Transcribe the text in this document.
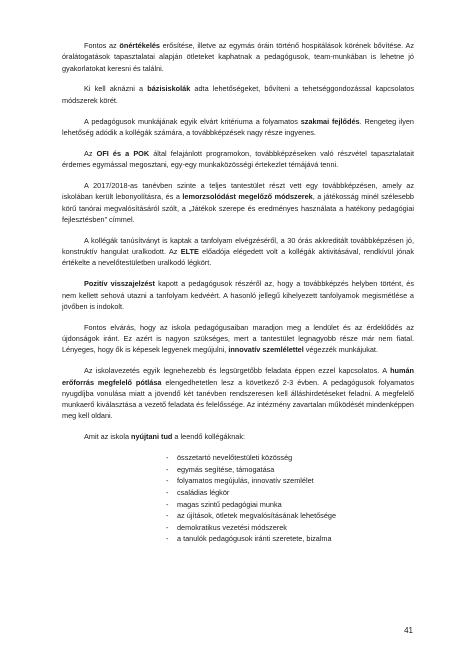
Fontos az önértékelés erősítése, illetve az egymás óráin történő hospitálások körének bővítése. Az óralátogatások tapasztalatai alapján ötleteket kaphatnak a pedagógusok, team-munkában is lehetne jó gyakorlatokat keresni és találni.

Ki kell aknázni a bázisiskolák adta lehetőségeket, bővíteni a tehetséggondozással kapcsolatos módszerek körét.

A pedagógusok munkájának egyik elvárt kritériuma a folyamatos szakmai fejlődés. Rengeteg ilyen lehetőség adódik a kollégák számára, a továbbképzések nagy része ingyenes.

Az OFI és a POK által felajánlott programokon, továbbképzéseken való részvétel tapasztalatait érdemes egymással megosztani, egy-egy munkaközösségi értekezlet témájává tenni.

A 2017/2018-as tanévben szinte a teljes tantestület részt vett egy továbbképzésen, amely az iskolában került lebonyolításra, és a lemorzsolódást megelőző módszerek, a játékosság minél szélesebb körű tanórai megvalósításáról szólt, a „Játékok szerepe és eredményes használata a hatékony pedagógiai fejlesztésben” címmel.

A kollégák tanúsítványt is kaptak a tanfolyam elvégzéséről, a 30 órás akkreditált továbbképzésen jó, konstruktív hangulat uralkodott. Az ELTE előadója elégedett volt a kollégák aktivitásával, rendkívül jónak értékelte a nevelőtestületben uralkodó légkört.

Pozitív visszajelzést kapott a pedagógusok részéről az, hogy a továbbképzés helyben történt, és nem kellett sehová utazni a tanfolyam kedvéért. A hasonló jellegű kihelyezett tanfolyamok megismétlése a jövőben is indokolt.

Fontos elvárás, hogy az iskola pedagógusaiban maradjon meg a lendület és az érdeklődés az újdonságok iránt. Ez azért is nagyon szükséges, mert a tantestület legnagyobb része már nem fiatal. Lényeges, hogy ők is képesek legyenek megújulni, innovatív szemlélettel végezzék munkájukat.

Az iskolavezetés egyik legnehezebb és legsürgetőbb feladata éppen ezzel kapcsolatos. A humán erőforrás megfelelő pótlása elengedhetetlen lesz a következő 2-3 évben. A pedagógusok folyamatos nyugdíjba vonulása miatt a jövendő két tanévben rendszeresen kell álláshirdetéseket feladni. A megfelelő munkaerő kiválasztása a vezető feladata és felelőssége. Az intézmény zavartalan működését mindenképpen meg kell oldani.

Amit az iskola nyújtani tud a leendő kollégáknak:

- összetartó nevelőtestületi közösség
- egymás segítése, támogatása
- folyamatos megújulás, innovatív szemlélet
- családias légkör
- magas szintű pedagógiai munka
- az újítások, ötletek megvalósításának lehetősége
- demokratikus vezetési módszerek
- a tanulók pedagógusok iránti szeretete, bizalma
41
